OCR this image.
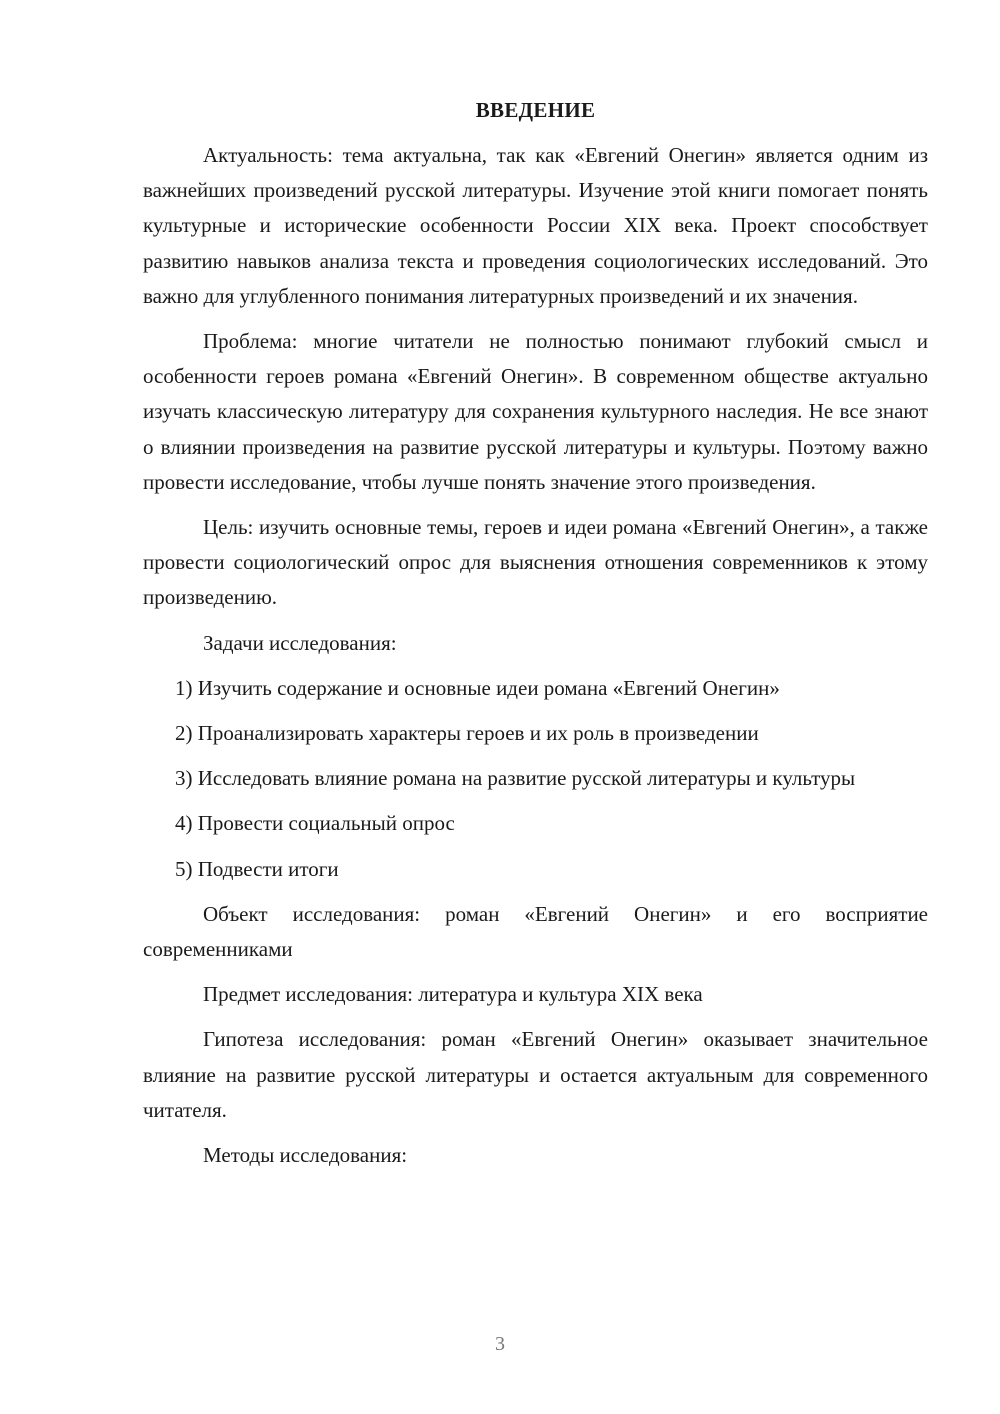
ВВЕДЕНИЕ

Актуальность: тема актуальна, так как «Евгений Онегин» является одним из важнейших произведений русской литературы. Изучение этой книги помогает понять культурные и исторические особенности России XIX века. Проект способствует развитию навыков анализа текста и проведения социологических исследований. Это важно для углубленного понимания литературных произведений и их значения.

Проблема: многие читатели не полностью понимают глубокий смысл и особенности героев романа «Евгений Онегин». В современном обществе актуально изучать классическую литературу для сохранения культурного наследия. Не все знают о влиянии произведения на развитие русской литературы и культуры. Поэтому важно провести исследование, чтобы лучше понять значение этого произведения.

Цель: изучить основные темы, героев и идеи романа «Евгений Онегин», а также провести социологический опрос для выяснения отношения современников к этому произведению.

Задачи исследования:

1) Изучить содержание и основные идеи романа «Евгений Онегин»

2) Проанализировать характеры героев и их роль в произведении

3) Исследовать влияние романа на развитие русской литературы и культуры

4) Провести социальный опрос

5) Подвести итоги

Объект исследования: роман «Евгений Онегин» и его восприятие современниками

Предмет исследования: литература и культура XIX века

Гипотеза исследования: роман «Евгений Онегин» оказывает значительное влияние на развитие русской литературы и остается актуальным для современного читателя.

Методы исследования:

3
